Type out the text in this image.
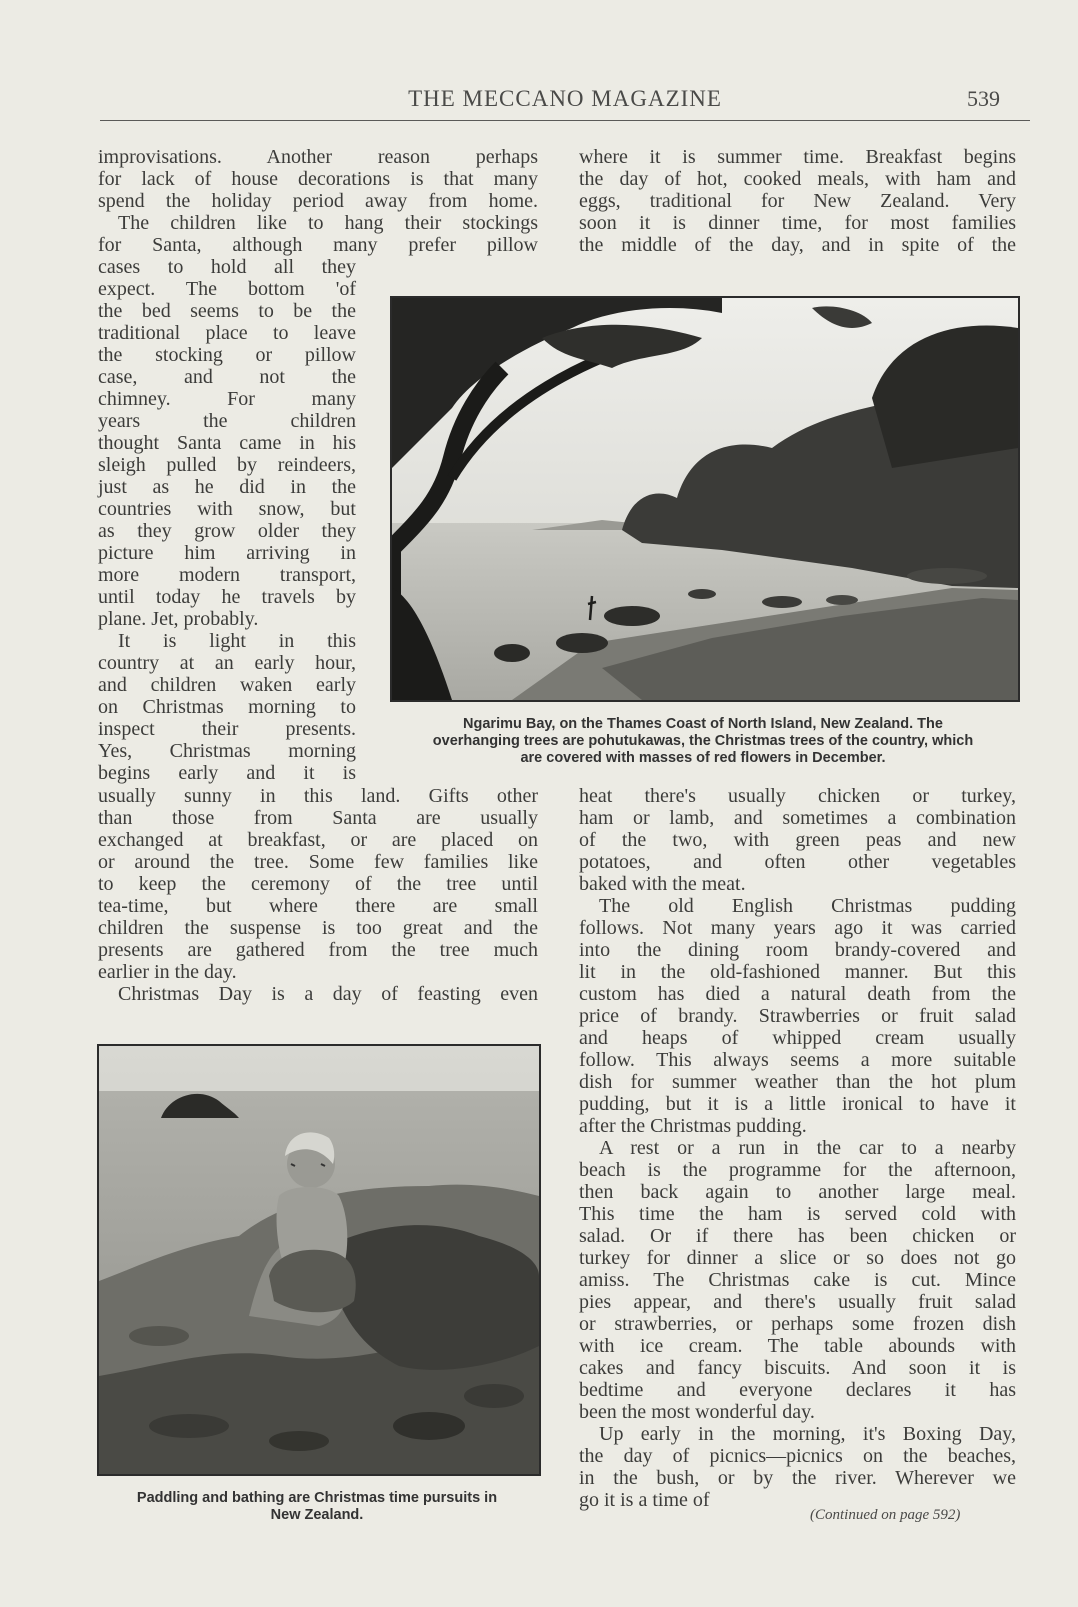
THE MECCANO MAGAZINE	539
Ngarimu Bay, on the Thames Coast of North Island, New Zealand. The
overhanging trees are pohutukawas, the Christmas trees of the country, which
are covered with masses of red flowers in December.
Paddling and bathing are Christmas time pursuits in
New Zealand.
improvisations. Another reason perhaps
for lack of house decorations is that many
spend the holiday period away from home.
The children like to hang their stockings
for Santa, although many prefer pillow
cases to hold all they
expect. The bottom 'of
the bed seems to be the
traditional place to leave
the stocking or pillow
case, and not the
chimney. For many
years the children
thought Santa came in his
sleigh pulled by reindeers,
just as he did in the
countries with snow, but
as they grow older they
picture him arriving in
more modern transport,
until today he travels by
plane. Jet, probably.
It is light in this
country at an early hour,
and children waken early
on Christmas morning to
inspect their presents.
Yes, Christmas morning
begins early and it is
usually sunny in this land. Gifts other
than those from Santa are usually
exchanged at breakfast, or are placed on
or around the tree. Some few families like
to keep the ceremony of the tree until
tea-time, but where there are small
children the suspense is too great and the
presents are gathered from the tree much
earlier in the day.
Christmas Day is a day of feasting even
where it is summer time. Breakfast begins
the day of hot, cooked meals, with ham and
eggs, traditional for New Zealand. Very
soon it is dinner time, for most families
the middle of the day, and in spite of the
heat there's usually chicken or turkey,
ham or lamb, and sometimes a combination
of the two, with green peas and new
potatoes, and often other vegetables
baked with the meat.
The old English Christmas pudding
follows. Not many years ago it was carried
into the dining room brandy-covered and
lit in the old-fashioned manner. But this
custom has died a natural death from the
price of brandy. Strawberries or fruit salad
and heaps of whipped cream usually
follow. This always seems a more suitable
dish for summer weather than the hot plum
pudding, but it is a little ironical to have it
after the Christmas pudding.
A rest or a run in the car to a nearby
beach is the programme for the afternoon,
then back again to another large meal.
This time the ham is served cold with
salad. Or if there has been chicken or
turkey for dinner a slice or so does not go
amiss. The Christmas cake is cut. Mince
pies appear, and there's usually fruit salad
or strawberries, or perhaps some frozen dish
with ice cream. The table abounds with
cakes and fancy biscuits. And soon it is
bedtime and everyone declares it has
been the most wonderful day.
Up early in the morning, it's Boxing Day,
the day of picnics—picnics on the beaches,
in the bush, or by the river. Wherever we
go it is a time of
(Continued on page 592)
